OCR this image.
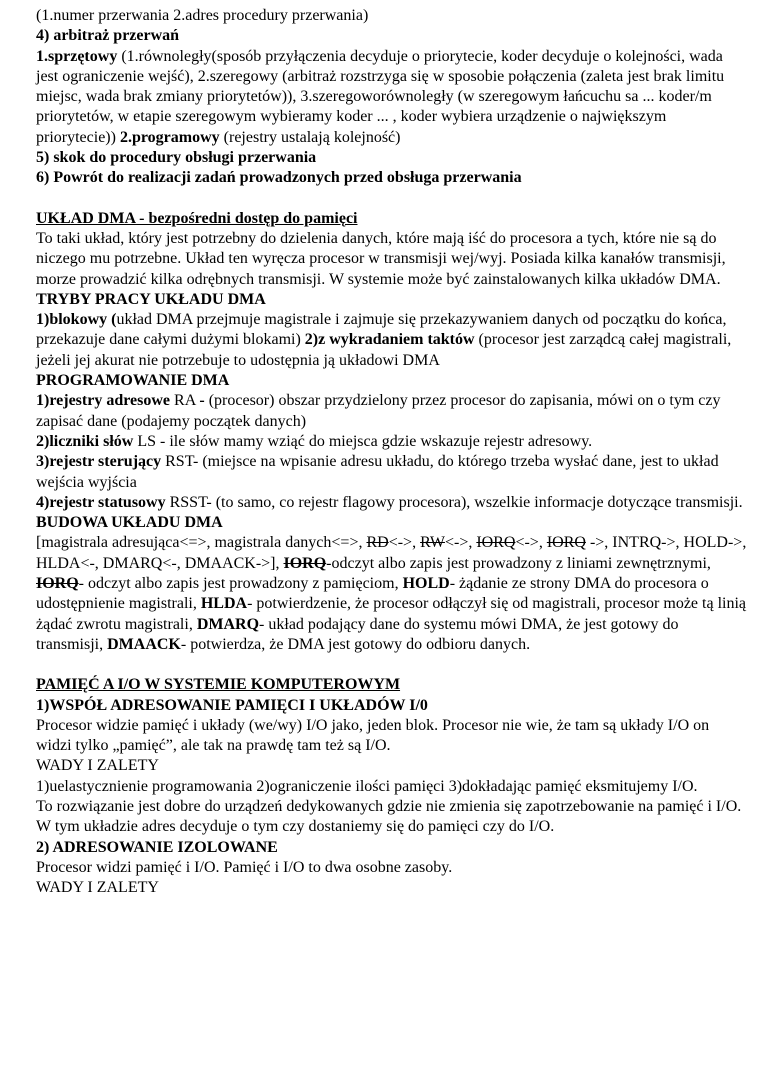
(1.numer przerwania 2.adres procedury przerwania)

4) arbitraż przerwań

1.sprzętowy (1.równoległy(sposób przyłączenia decyduje o priorytecie, koder decyduje o kolejności, wada jest ograniczenie wejść), 2.szeregowy (arbitraż rozstrzyga się w sposobie połączenia (zaleta jest brak limitu miejsc, wada brak zmiany priorytetów)), 3.szeregoworównoległy (w szeregowym łańcuchu sa ... koder/m priorytetów, w etapie szeregowym wybieramy koder ... , koder wybiera urządzenie o największym priorytecie)) 2.programowy (rejestry ustalają kolejność)

5) skok do procedury obsługi przerwania

6) Powrót do realizacji zadań prowadzonych przed obsługa przerwania

UKŁAD DMA - bezpośredni dostęp do pamięci

To taki układ, który jest potrzebny do dzielenia danych, które mają iść do procesora a tych, które nie są do niczego mu potrzebne. Układ ten wyręcza procesor w transmisji wej/wyj. Posiada kilka kanałów transmisji, morze prowadzić kilka odrębnych transmisji. W systemie może być zainstalowanych kilka układów DMA.

TRYBY PRACY UKŁADU DMA

1)blokowy (układ DMA przejmuje magistrale i zajmuje się przekazywaniem danych od początku do końca, przekazuje dane całymi dużymi blokami) 2)z wykradaniem taktów (procesor jest zarządcą całej magistrali, jeżeli jej akurat nie potrzebuje to udostępnia ją układowi DMA

PROGRAMOWANIE DMA

1)rejestry adresowe RA - (procesor) obszar przydzielony przez procesor do zapisania, mówi on o tym czy zapisać dane (podajemy początek danych)

2)liczniki słów LS - ile słów mamy wziąć do miejsca gdzie wskazuje rejestr adresowy.

3)rejestr sterujący RST- (miejsce na wpisanie adresu układu, do którego trzeba wysłać dane, jest to układ wejścia wyjścia

4)rejestr statusowy RSST- (to samo, co rejestr flagowy procesora), wszelkie informacje dotyczące transmisji.

BUDOWA UKŁADU DMA

[magistrala adresująca<=>, magistrala danych<=>, RD<->, RW<->, IORQ<->, IORQ ->, INTRQ->, HOLD->, HLDA<-, DMARQ<-, DMAACK->], IORQ-odczyt albo zapis jest prowadzony z liniami zewnętrznymi, IORQ- odczyt albo zapis jest prowadzony z pamięciom, HOLD- żądanie ze strony DMA do procesora o udostępnienie magistrali, HLDA- potwierdzenie, że procesor odłączył się od magistrali, procesor może tą linią żądać zwrotu magistrali, DMARQ- układ podający dane do systemu mówi DMA, że jest gotowy do transmisji, DMAACK- potwierdza, że DMA jest gotowy do odbioru danych.

PAMIĘĆ A I/O W SYSTEMIE KOMPUTEROWYM

1)WSPÓŁ ADRESOWANIE PAMIĘCI I UKŁADÓW I/0

Procesor widzie pamięć i układy (we/wy) I/O jako, jeden blok. Procesor nie wie, że tam są układy I/O on widzi tylko „pamięć”, ale tak na prawdę tam też są I/O.

WADY I ZALETY

1)uelastycznienie programowania 2)ograniczenie ilości pamięci 3)dokładając pamięć eksmitujemy I/O.

To rozwiązanie jest dobre do urządzeń dedykowanych gdzie nie zmienia się zapotrzebowanie na pamięć i I/O.

W tym układzie adres decyduje o tym czy dostaniemy się do pamięci czy do I/O.

2) ADRESOWANIE IZOLOWANE

Procesor widzi pamięć i I/O. Pamięć i I/O to dwa osobne zasoby.

WADY I ZALETY
